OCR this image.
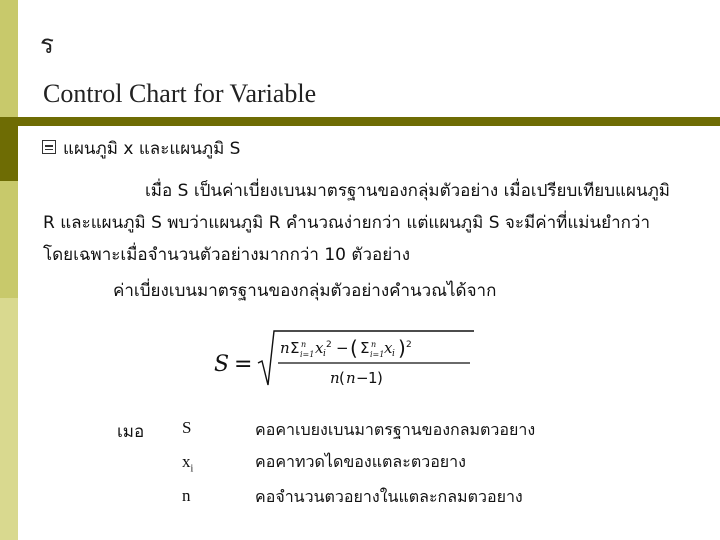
ร
Control Chart for Variable
แผนภูมิ x และแผนภูมิ S
เมื่อ S เป็นค่าเบี่ยงเบนมาตรฐานของกลุ่มตัวอย่าง เมื่อเปรียบเทียบแผนภูมิ
R และแผนภูมิ S พบว่าแผนภูมิ R คำนวณง่ายกว่า แต่แผนภูมิ S จะมีค่าที่แม่นยำกว่า
โดยเฉพาะเมื่อจำนวนตัวอย่างมากกว่า 10 ตัวอย่าง
ค่าเบี่ยงเบนมาตรฐานของกลุ่มตัวอย่างคำนวณได้จาก
S =
n Σ n
i=1 x i
2 − ( Σ n
i=1 x i ) 2
n ( n − 1 )
เมอ S	คอคาเบยงเบนมาตรฐานของกลมตวอยาง
$x_i$	คอคาทวดไดของแตละตวอยาง
n	คอจำนวนตวอยางในแตละกลมตวอยาง
